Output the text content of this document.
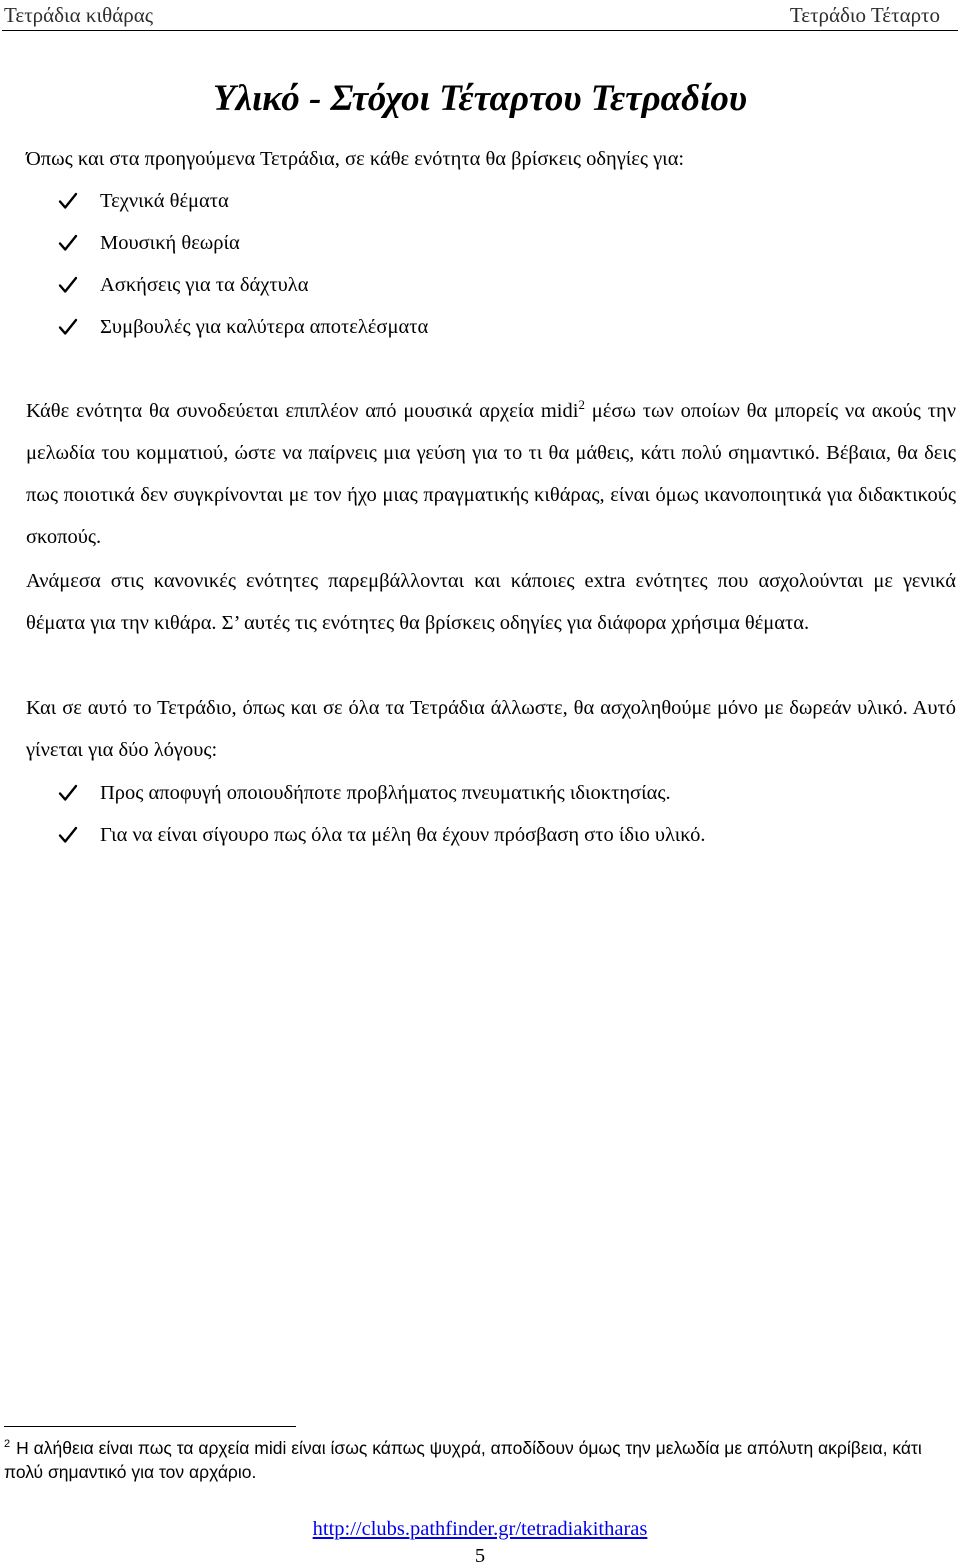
Τετράδια κιθάρας	Τετράδιο Τέταρτο
Υλικό - Στόχοι Τέταρτου Τετραδίου

Όπως και στα προηγούμενα Τετράδια, σε κάθε ενότητα θα βρίσκεις οδηγίες για:

Τεχνικά θέματα
Μουσική θεωρία
Ασκήσεις για τα δάχτυλα
Συμβουλές για καλύτερα αποτελέσματα

Κάθε ενότητα θα συνοδεύεται επιπλέον από μουσικά αρχεία midi$^2$ μέσω των οποίων θα μπορείς να ακούς την μελωδία του κομματιού, ώστε να παίρνεις μια γεύση για το τι θα μάθεις, κάτι πολύ σημαντικό. Βέβαια, θα δεις πως ποιοτικά δεν συγκρίνονται με τον ήχο μιας πραγματικής κιθάρας, είναι όμως ικανοποιητικά για διδακτικούς σκοπούς.

Ανάμεσα στις κανονικές ενότητες παρεμβάλλονται και κάποιες extra ενότητες που ασχολούνται με γενικά θέματα για την κιθάρα. Σ’ αυτές τις ενότητες θα βρίσκεις οδηγίες για διάφορα χρήσιμα θέματα.

Και σε αυτό το Τετράδιο, όπως και σε όλα τα Τετράδια άλλωστε, θα ασχοληθούμε μόνο με δωρεάν υλικό. Αυτό γίνεται για δύο λόγους:

Προς αποφυγή οποιουδήποτε προβλήματος πνευματικής ιδιοκτησίας.
Για να είναι σίγουρο πως όλα τα μέλη θα έχουν πρόσβαση στο ίδιο υλικό.

$^2$ Η αλήθεια είναι πως τα αρχεία midi είναι ίσως κάπως ψυχρά, αποδίδουν όμως την μελωδία με απόλυτη ακρίβεια, κάτι πολύ σημαντικό για τον αρχάριο.

http://clubs.pathfinder.gr/tetradiakitharas
5
